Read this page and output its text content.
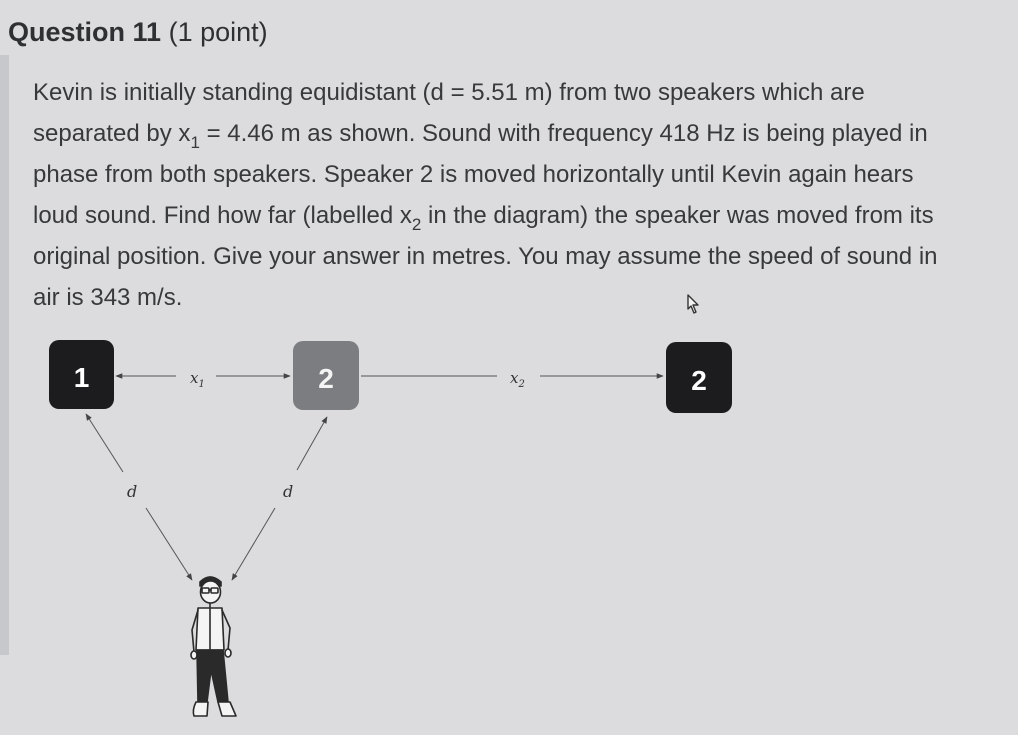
Question 11 (1 point)
Kevin is initially standing equidistant (d = 5.51 m) from two speakers which are
separated by $x_1 = 4.46$ m as shown. Sound with frequency 418 Hz is being played in
phase from both speakers. Speaker 2 is moved horizontally until Kevin again hears
loud sound. Find how far (labelled $x_2$ in the diagram) the speaker was moved from its
original position. Give your answer in metres. You may assume the speed of sound in
air is 343 m/s.
1	2	2
$x_1$	$x_2$
d	d
